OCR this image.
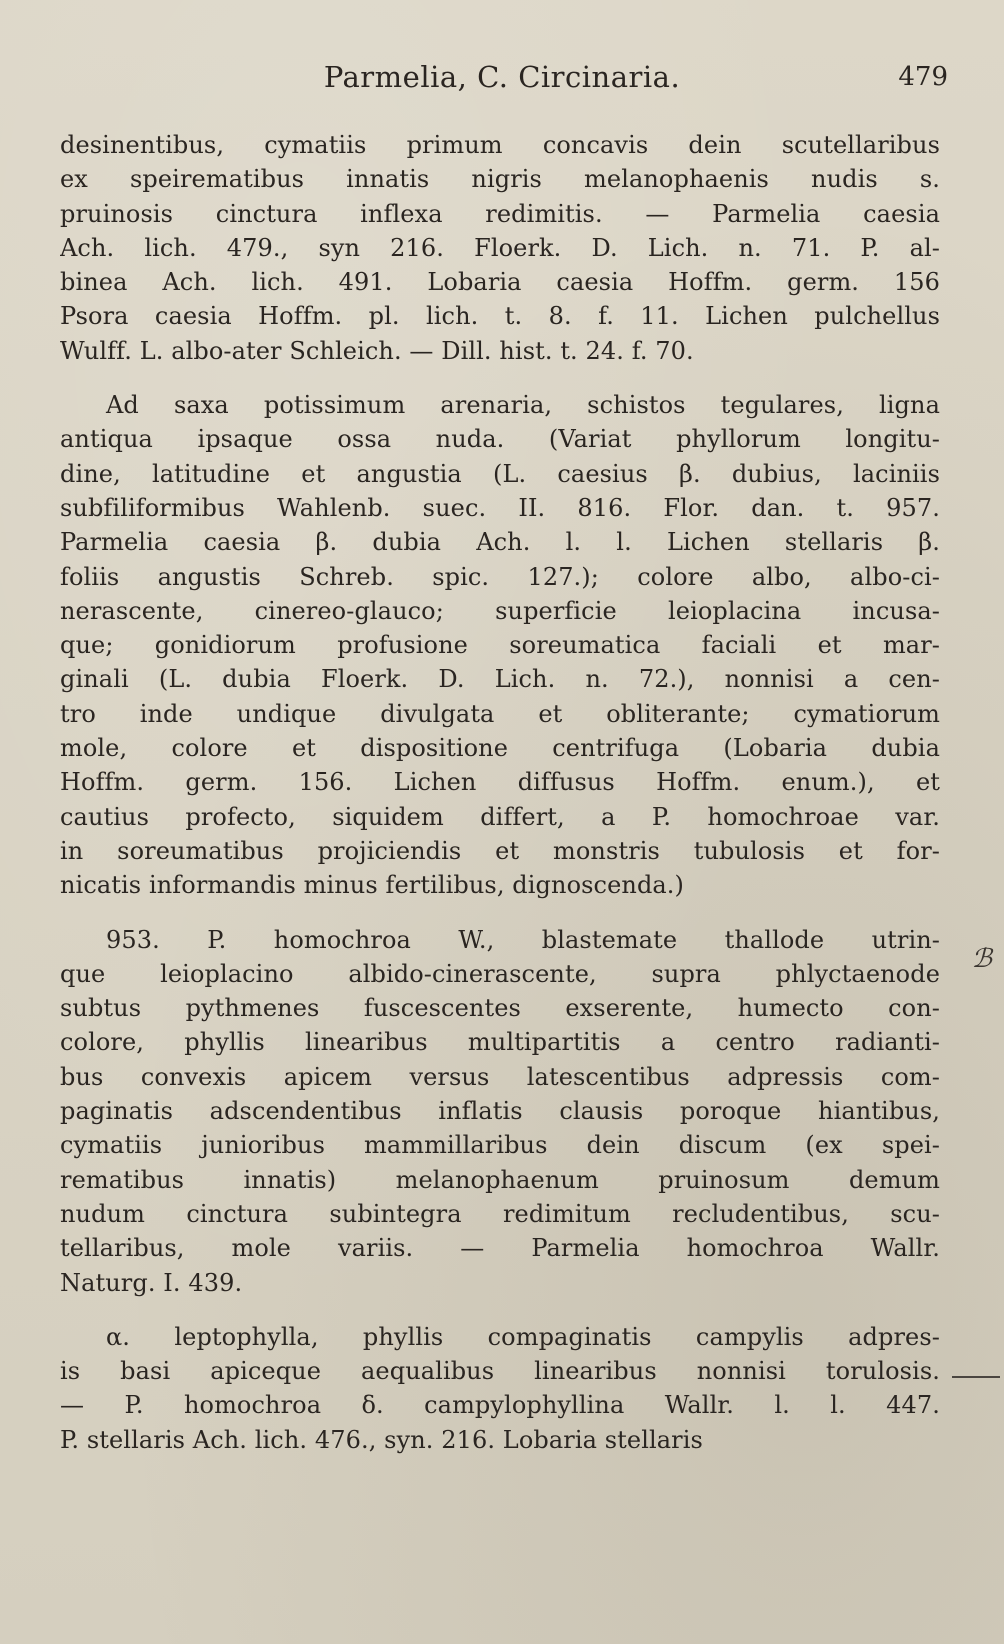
Parmelia, C. Circinaria.	479
desinentibus, cymatiis primum concavis dein scutellaribus
ex speirematibus innatis nigris melanophaenis nudis s.
pruinosis cinctura inflexa redimitis. — Parmelia caesia
Ach. lich. 479., syn 216. Floerk. D. Lich. n. 71. P. al-
binea Ach. lich. 491. Lobaria caesia Hoffm. germ. 156
Psora caesia Hoffm. pl. lich. t. 8. f. 11. Lichen pulchellus
Wulff. L. albo-ater Schleich. — Dill. hist. t. 24. f. 70.
Ad saxa potissimum arenaria, schistos tegulares, ligna
antiqua ipsaque ossa nuda. (Variat phyllorum longitu-
dine, latitudine et angustia (L. caesius β. dubius, laciniis
subfiliformibus Wahlenb. suec. II. 816. Flor. dan. t. 957.
Parmelia caesia β. dubia Ach. l. l. Lichen stellaris β.
foliis angustis Schreb. spic. 127.); colore albo, albo-ci-
nerascente, cinereo-glauco; superficie leioplacina incusa-
que; gonidiorum profusione soreumatica faciali et mar-
ginali (L. dubia Floerk. D. Lich. n. 72.), nonnisi a cen-
tro inde undique divulgata et obliterante; cymatiorum
mole, colore et dispositione centrifuga (Lobaria dubia
Hoffm. germ. 156. Lichen diffusus Hoffm. enum.), et
cautius profecto, siquidem differt, a P. homochroae var.
in soreumatibus projiciendis et monstris tubulosis et for-
nicatis informandis minus fertilibus, dignoscenda.)
953. P. homochroa W., blastemate thallode utrin-
que leioplacino albido-cinerascente, supra phlyctaenode
subtus pythmenes fuscescentes exserente, humecto con-
colore, phyllis linearibus multipartitis a centro radianti-
bus convexis apicem versus latescentibus adpressis com-
paginatis adscendentibus inflatis clausis poroque hiantibus,
cymatiis junioribus mammillaribus dein discum (ex spei-
rematibus innatis) melanophaenum pruinosum demum
nudum cinctura subintegra redimitum recludentibus, scu-
tellaribus, mole variis. — Parmelia homochroa Wallr.
Naturg. I. 439.
α. leptophylla, phyllis compaginatis campylis adpres-
is basi apiceque aequalibus linearibus nonnisi torulosis.
— P. homochroa δ. campylophyllina Wallr. l. l. 447.
P. stellaris Ach. lich. 476., syn. 216. Lobaria stellaris
ℬ
